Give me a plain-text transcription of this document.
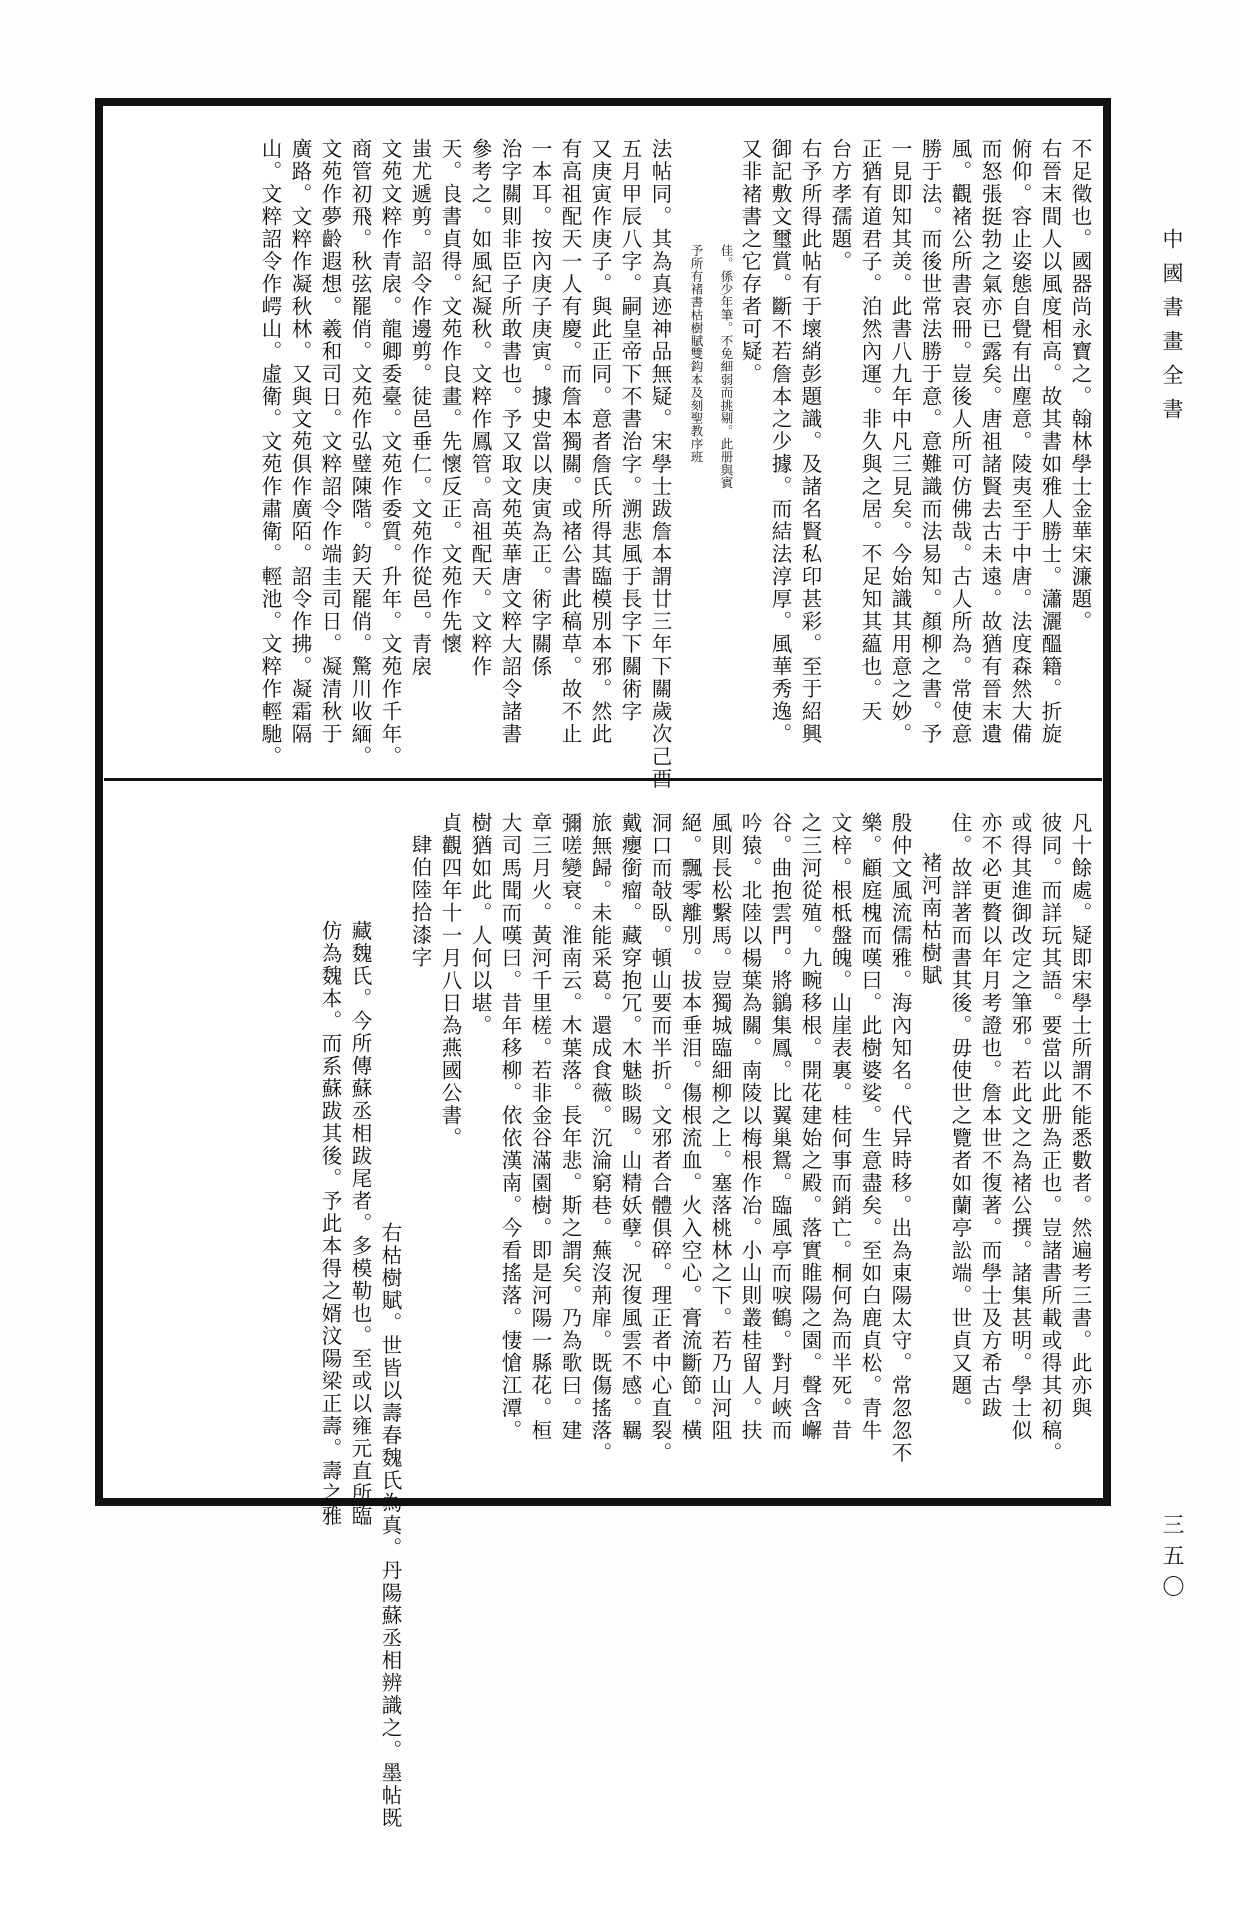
中國書畫全書
三五〇
不足徵也。國器尚永寶之。翰林學士金華宋濂題。
右晉末間人以風度相高。故其書如雅人勝士。瀟灑醞籍。折旋
俯仰。容止姿態自覺有出塵意。陵夷至于中唐。法度森然大備
而怒張挺勃之氣亦已露矣。唐祖諸賢去古未遠。故猶有晉末遺
風。觀褚公所書哀冊。豈後人所可仿佛哉。古人所為。常使意
勝于法。而後世常法勝于意。意難識而法易知。顏柳之書。予
一見即知其羙。此書八九年中凡三見矣。今始識其用意之妙。
正猶有道君子。泊然內運。非久與之居。不足知其藴也。天
台方孝孺題。
右予所得此帖有于壞綃彭題識。及諸名賢私印甚彩。至于紹興
御記敷文璽賞。斷不若詹本之少據。而結法淳厚。風華秀逸。
又非褚書之它存者可疑。
佳。係少年筆。不免細弱而挑剔。此册與賓
予所有褚書枯樹賦雙鈎本及刻聖教序班
法帖同。其為真迹神品無疑。宋學士跋詹本謂廿三年下關歲次己酉
五月甲辰八字。嗣皇帝下不書治字。溯悲風于長字下關術字
又庚寅作庚子。與此正同。意者詹氏所得其臨模別本邪。然此
有高祖配天一人有慶。而詹本獨關。或褚公書此稿草。故不止
一本耳。按內庚子庚寅。據史當以庚寅為正。術字關係
治字關則非臣子所敢書也。予又取文苑英華唐文粹大詔令諸書
參考之。如風紀凝秋。文粹作鳳管。高祖配天。文粹作
天。良書貞得。文苑作良畫。先懷反正。文苑作先懷
蚩尤遞剪。詔令作邊剪。徒邑垂仁。文苑作從邑。青扆
文苑文粹作青扆。龍卿委臺。文苑作委質。升年。文苑作千年。
商管初飛。秋弦罷俏。文苑作弘璧陳階。鈞天罷俏。驚川收緬。
文苑作夢齡遐想。羲和司日。文粹詔令作端圭司日。凝清秋于
廣路。文粹作凝秋林。又與文苑俱作廣陌。詔令作拂。凝霜隔
山。文粹詔令作崿山。虛衛。文苑作肅衛。輕池。文粹作輕馳。
凡十餘處。疑即宋學士所謂不能悉數者。然遍考三書。此亦與
彼同。而詳玩其語。要當以此册為正也。豈諸書所載或得其初稿。
或得其進御改定之筆邪。若此文之為褚公撰。諸集甚明。學士似
亦不必更贅以年月考證也。詹本世不復著。而學士及方希古跋
住。故詳著而書其後。毋使世之覽者如蘭亭訟端。世貞又題。
褚河南枯樹賦
殷仲文風流儒雅。海內知名。代异時移。出為東陽太守。常忽忽不
樂。顧庭槐而嘆曰。此樹婆娑。生意盡矣。至如白鹿貞松。青牛
文梓。根柢盤魄。山崖表裏。桂何事而銷亡。桐何為而半死。昔
之三河從殖。九畹移根。開花建始之殿。落實睢陽之園。聲含嶰
谷。曲抱雲門。將鶲集鳳。比翼巢鴛。臨風亭而唳鶴。對月峽而
吟猿。北陸以楊葉為關。南陵以梅根作冶。小山則叢桂留人。扶
風則長松繫馬。豈獨城臨細柳之上。塞落桃林之下。若乃山河阻
絕。飄零離別。拔本垂泪。傷根流血。火入空心。膏流斷節。橫
洞口而敧臥。頓山要而半折。文邪者合體俱碎。理正者中心直裂。
戴癭銜瘤。藏穿抱冗。木魅睒睗。山精妖孽。況復風雲不感。羈
旅無歸。未能采葛。還成食薇。沉淪窮巷。蕪沒荊扉。既傷搖落。
彌嗟變衰。淮南云。木葉落。長年悲。斯之謂矣。乃為歌曰。建
章三月火。黃河千里槎。若非金谷滿園樹。即是河陽一縣花。桓
大司馬聞而嘆曰。昔年移柳。依依漢南。今看搖落。悽愴江潭。
樹猶如此。人何以堪。
貞觀四年十一月八日為燕國公書。
肆伯陸拾漆字
右枯樹賦。世皆以壽春魏氏為真。丹陽蘇丞相辨識之。墨帖既
藏魏氏。今所傳蘇丞相跋尾者。多模勒也。至或以雍元直所臨
仿為魏本。而系蘇跋其後。予此本得之婿汶陽梁正壽。壽之雅
